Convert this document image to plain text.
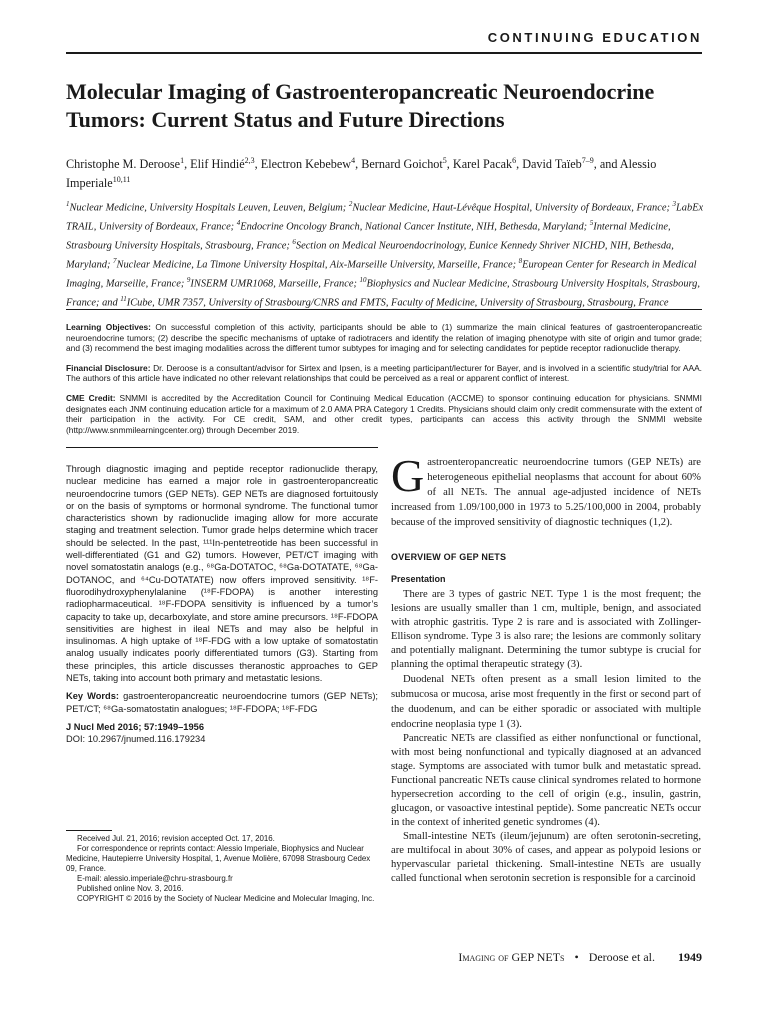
CONTINUING EDUCATION
Molecular Imaging of Gastroenteropancreatic Neuroendocrine Tumors: Current Status and Future Directions
Christophe M. Deroose$^1$, Elif Hindié$^{2,3}$, Electron Kebebew$^4$, Bernard Goichot$^5$, Karel Pacak$^6$, David Taïeb$^{7-9}$, and Alessio Imperiale$^{10,11}$
$^1$Nuclear Medicine, University Hospitals Leuven, Leuven, Belgium; $^2$Nuclear Medicine, Haut-Lévêque Hospital, University of Bordeaux, France; $^3$LabEx TRAIL, University of Bordeaux, France; $^4$Endocrine Oncology Branch, National Cancer Institute, NIH, Bethesda, Maryland; $^5$Internal Medicine, Strasbourg University Hospitals, Strasbourg, France; $^6$Section on Medical Neuroendocrinology, Eunice Kennedy Shriver NICHD, NIH, Bethesda, Maryland; $^7$Nuclear Medicine, La Timone University Hospital, Aix-Marseille University, Marseille, France; $^8$European Center for Research in Medical Imaging, Marseille, France; $^9$INSERM UMR1068, Marseille, France; $^{10}$Biophysics and Nuclear Medicine, Strasbourg University Hospitals, Strasbourg, France; and $^{11}$ICube, UMR 7357, University of Strasbourg/CNRS and FMTS, Faculty of Medicine, University of Strasbourg, Strasbourg, France

Learning Objectives: On successful completion of this activity, participants should be able to (1) summarize the main clinical features of gastroenteropancreatic neuroendocrine tumors; (2) describe the specific mechanisms of uptake of radiotracers and identify the relation of imaging phenotype with site of origin and tumor grade; and (3) recommend the best imaging modalities across the different tumor subtypes for imaging and for selecting candidates for peptide receptor radionuclide therapy.

Financial Disclosure: Dr. Deroose is a consultant/advisor for Sirtex and Ipsen, is a meeting participant/lecturer for Bayer, and is involved in a scientific study/trial for AAA. The authors of this article have indicated no other relevant relationships that could be perceived as a real or apparent conflict of interest.

CME Credit: SNMMI is accredited by the Accreditation Council for Continuing Medical Education (ACCME) to sponsor continuing education for physicians. SNMMI designates each JNM continuing education article for a maximum of 2.0 AMA PRA Category 1 Credits. Physicians should claim only credit commensurate with the extent of their participation in the activity. For CE credit, SAM, and other credit types, participants can access this activity through the SNMMI website (http://www.snmmilearningcenter.org) through December 2019.

Through diagnostic imaging and peptide receptor radionuclide therapy, nuclear medicine has earned a major role in gastroenteropancreatic neuroendocrine tumors (GEP NETs). GEP NETs are diagnosed fortuitously or on the basis of symptoms or hormonal syndrome. The functional tumor characteristics shown by radionuclide imaging allow for more accurate staging and treatment selection. Tumor grade helps determine which tracer should be selected. In the past, ¹¹¹In-pentetreotide has been successful in well-differentiated (G1 and G2) tumors. However, PET/CT imaging with novel somatostatin analogs (e.g., ⁶⁸Ga-DOTATOC, ⁶⁸Ga-DOTATATE, ⁶⁸Ga-DOTANOC, and ⁶⁴Cu-DOTATATE) now offers improved sensitivity. ¹⁸F-fluorodihydroxyphenylalanine (¹⁸F-FDOPA) is another interesting radiopharmaceutical. ¹⁸F-FDOPA sensitivity is influenced by a tumor’s capacity to take up, decarboxylate, and store amine precursors. ¹⁸F-FDOPA sensitivities are highest in ileal NETs and may also be helpful in insulinomas. A high uptake of ¹⁸F-FDG with a low uptake of somatostatin analog usually indicates poorly differentiated tumors (G3). Starting from these principles, this article discusses theranostic approaches to GEP NETs, taking into account both primary and metastatic lesions.

Key Words: gastroenteropancreatic neuroendocrine tumors (GEP NETs); PET/CT; ⁶⁸Ga-somatostatin analogues; ¹⁸F-FDOPA; ¹⁸F-FDG

J Nucl Med 2016; 57:1949–1956

DOI: 10.2967/jnumed.116.179234

Received Jul. 21, 2016; revision accepted Oct. 17, 2016.

For correspondence or reprints contact: Alessio Imperiale, Biophysics and Nuclear Medicine, Hautepierre University Hospital, 1, Avenue Molière, 67098 Strasbourg Cedex 09, France.

E-mail: alessio.imperiale@chru-strasbourg.fr

Published online Nov. 3, 2016.

COPYRIGHT © 2016 by the Society of Nuclear Medicine and Molecular Imaging, Inc.

Gastroenteropancreatic neuroendocrine tumors (GEP NETs) are heterogeneous epithelial neoplasms that account for about 60% of all NETs. The annual age-adjusted incidence of NETs increased from 1.09/100,000 in 1973 to 5.25/100,000 in 2004, probably because of the improved sensitivity of diagnostic techniques (1,2).

OVERVIEW OF GEP NETS
Presentation

There are 3 types of gastric NET. Type 1 is the most frequent; the lesions are usually smaller than 1 cm, multiple, benign, and associated with atrophic gastritis. Type 2 is rare and is associated with Zollinger-Ellison syndrome. Type 3 is also rare; the lesions are commonly solitary and potentially malignant. Determining the tumor subtype is crucial for planning the optimal therapeutic strategy (3).

Duodenal NETs often present as a small lesion limited to the submucosa or mucosa, arise most frequently in the first or second part of the duodenum, and can be either sporadic or associated with multiple endocrine neoplasia type 1 (3).

Pancreatic NETs are classified as either nonfunctional or functional, with most being nonfunctional and typically diagnosed at an advanced stage. Symptoms are associated with tumor bulk and metastatic spread. Functional pancreatic NETs cause clinical syndromes related to hormone hypersecretion according to the cell of origin (e.g., insulin, gastrin, glucagon, or vasoactive intestinal peptide). Some pancreatic NETs occur in the context of inherited genetic syndromes (4).

Small-intestine NETs (ileum/jejunum) are often serotonin-secreting, are multifocal in about 30% of cases, and appear as polypoid lesions or hypervascular parietal thickening. Small-intestine NETs are usually called functional when serotonin secretion is responsible for a carcinoid

Imaging of GEP NETs • Deroose et al. 1949
